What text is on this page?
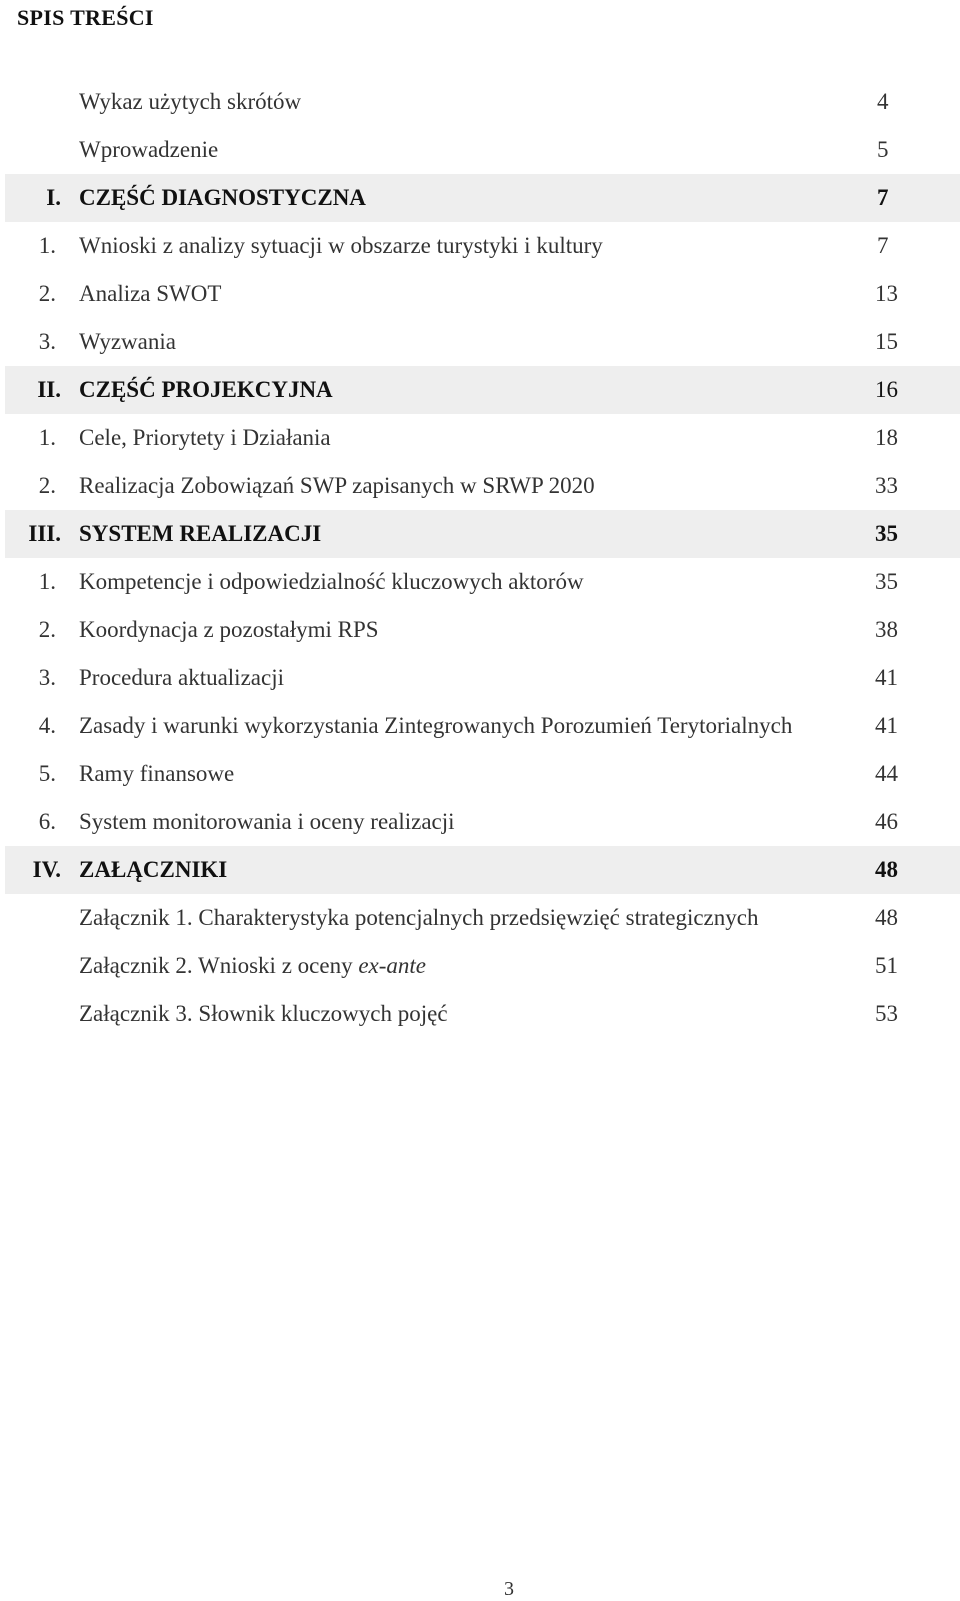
SPIS TREŚCI
Wykaz użytych skrótów	4
Wprowadzenie	5
I. CZĘŚĆ DIAGNOSTYCZNA	7
1. Wnioski z analizy sytuacji w obszarze turystyki i kultury	7
2. Analiza SWOT	13
3. Wyzwania	15
II. CZĘŚĆ PROJEKCYJNA	16
1. Cele, Priorytety i Działania	18
2. Realizacja Zobowiązań SWP zapisanych w SRWP 2020	33
III. SYSTEM REALIZACJI	35
1. Kompetencje i odpowiedzialność kluczowych aktorów	35
2. Koordynacja z pozostałymi RPS	38
3. Procedura aktualizacji	41
4. Zasady i warunki wykorzystania Zintegrowanych Porozumień Terytorialnych	41
5. Ramy finansowe	44
6. System monitorowania i oceny realizacji	46
IV. ZAŁĄCZNIKI	48
Załącznik 1. Charakterystyka potencjalnych przedsięwzięć strategicznych	48
Załącznik 2. Wnioski z oceny ex-ante	51
Załącznik 3. Słownik kluczowych pojęć	53
3
